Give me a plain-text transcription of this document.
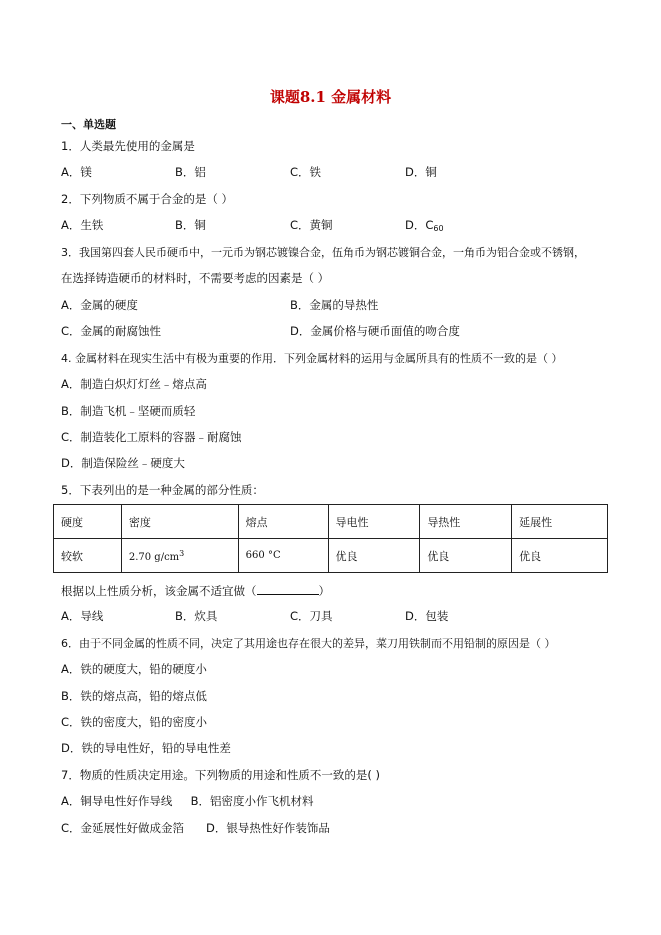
课题8.1 金属材料
一、单选题
1．人类最先使用的金属是
A．镁	B．铝	C．铁	D．铜
2．下列物质不属于合金的是（ ）
A．生铁	B．铜	C．黄铜	D．$C_{60}$
3．我国第四套人民币硬币中，一元币为钢芯镀镍合金，伍角币为钢芯镀铜合金，一角币为铝合金或不锈钢，
在选择铸造硬币的材料时，不需要考虑的因素是（ ）
A．金属的硬度	B．金属的导热性
C．金属的耐腐蚀性	D．金属价格与硬币面值的吻合度
4. 金属材料在现实生活中有极为重要的作用．下列金属材料的运用与金属所具有的性质不一致的是（ ）
A．制造白炽灯灯丝﹣熔点高
B．制造飞机﹣坚硬而质轻
C．制造装化工原料的容器﹣耐腐蚀
D．制造保险丝﹣硬度大
5．下表列出的是一种金属的部分性质：
硬度	密度	熔点	导电性	导热性	延展性
较软	2.70 $g/cm^3$	660 °C	优良	优良	优良
根据以上性质分析，该金属不适宜做（	）
A．导线	B．炊具	C．刀具	D．包装
6．由于不同金属的性质不同，决定了其用途也存在很大的差异，菜刀用铁制而不用铅制的原因是（ ）
A．铁的硬度大，铅的硬度小
B．铁的熔点高，铅的熔点低
C．铁的密度大，铅的密度小
D．铁的导电性好，铅的导电性差
7．物质的性质决定用途。下列物质的用途和性质不一致的是( )
A．铜导电性好作导线     B．铝密度小作飞机材料
C．金延展性好做成金箔      D．银导热性好作装饰品
